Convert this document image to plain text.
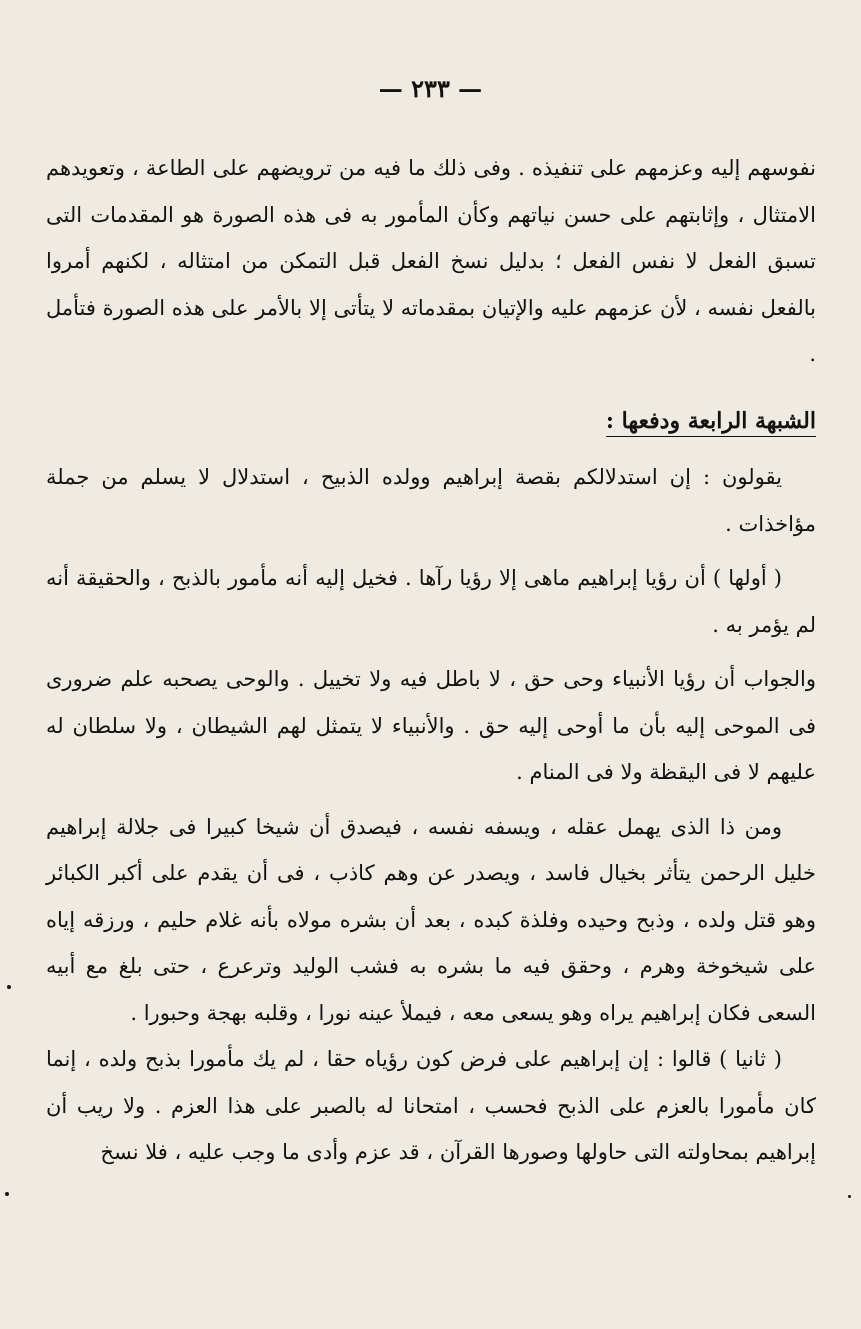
— ٢٣٣ —

نفوسهم إليه وعزمهم على تنفيذه . وفى ذلك ما فيه من ترويضهم على الطاعة ، وتعويدهم الامتثال ، وإثابتهم على حسن نياتهم وكأن المأمور به فى هذه الصورة هو المقدمات التى تسبق الفعل لا نفس الفعل ؛ بدليل نسخ الفعل قبل التمكن من امتثاله ، لكنهم أمروا بالفعل نفسه ، لأن عزمهم عليه والإتيان بمقدماته لا يتأتى إلا بالأمر على هذه الصورة فتأمل .

الشبهة الرابعة ودفعها :

يقولون : إن استدلالكم بقصة إبراهيم وولده الذبيح ، استدلال لا يسلم من جملة مؤاخذات .

( أولها ) أن رؤيا إبراهيم ماهى إلا رؤيا رآها . فخيل إليه أنه مأمور بالذبح ، والحقيقة أنه لم يؤمر به .

والجواب أن رؤيا الأنبياء وحى حق ، لا باطل فيه ولا تخييل . والوحى يصحبه علم ضرورى فى الموحى إليه بأن ما أوحى إليه حق . والأنبياء لا يتمثل لهم الشيطان ، ولا سلطان له عليهم لا فى اليقظة ولا فى المنام .

ومن ذا الذى يهمل عقله ، ويسفه نفسه ، فيصدق أن شيخا كبيرا فى جلالة إبراهيم خليل الرحمن يتأثر بخيال فاسد ، ويصدر عن وهم كاذب ، فى أن يقدم على أكبر الكبائر وهو قتل ولده ، وذبح وحيده وفلذة كبده ، بعد أن بشره مولاه بأنه غلام حليم ، ورزقه إياه على شيخوخة وهرم ، وحقق فيه ما بشره به فشب الوليد وترعرع ، حتى بلغ مع أبيه السعى فكان إبراهيم يراه وهو يسعى معه ، فيملأ عينه نورا ، وقلبه بهجة وحبورا .

( ثانيا ) قالوا : إن إبراهيم على فرض كون رؤياه حقا ، لم يك مأمورا بذبح ولده ، إنما كان مأمورا بالعزم على الذبح فحسب ، امتحانا له بالصبر على هذا العزم . ولا ريب أن إبراهيم بمحاولته التى حاولها وصورها القرآن ، قد عزم وأدى ما وجب عليه ، فلا نسخ
